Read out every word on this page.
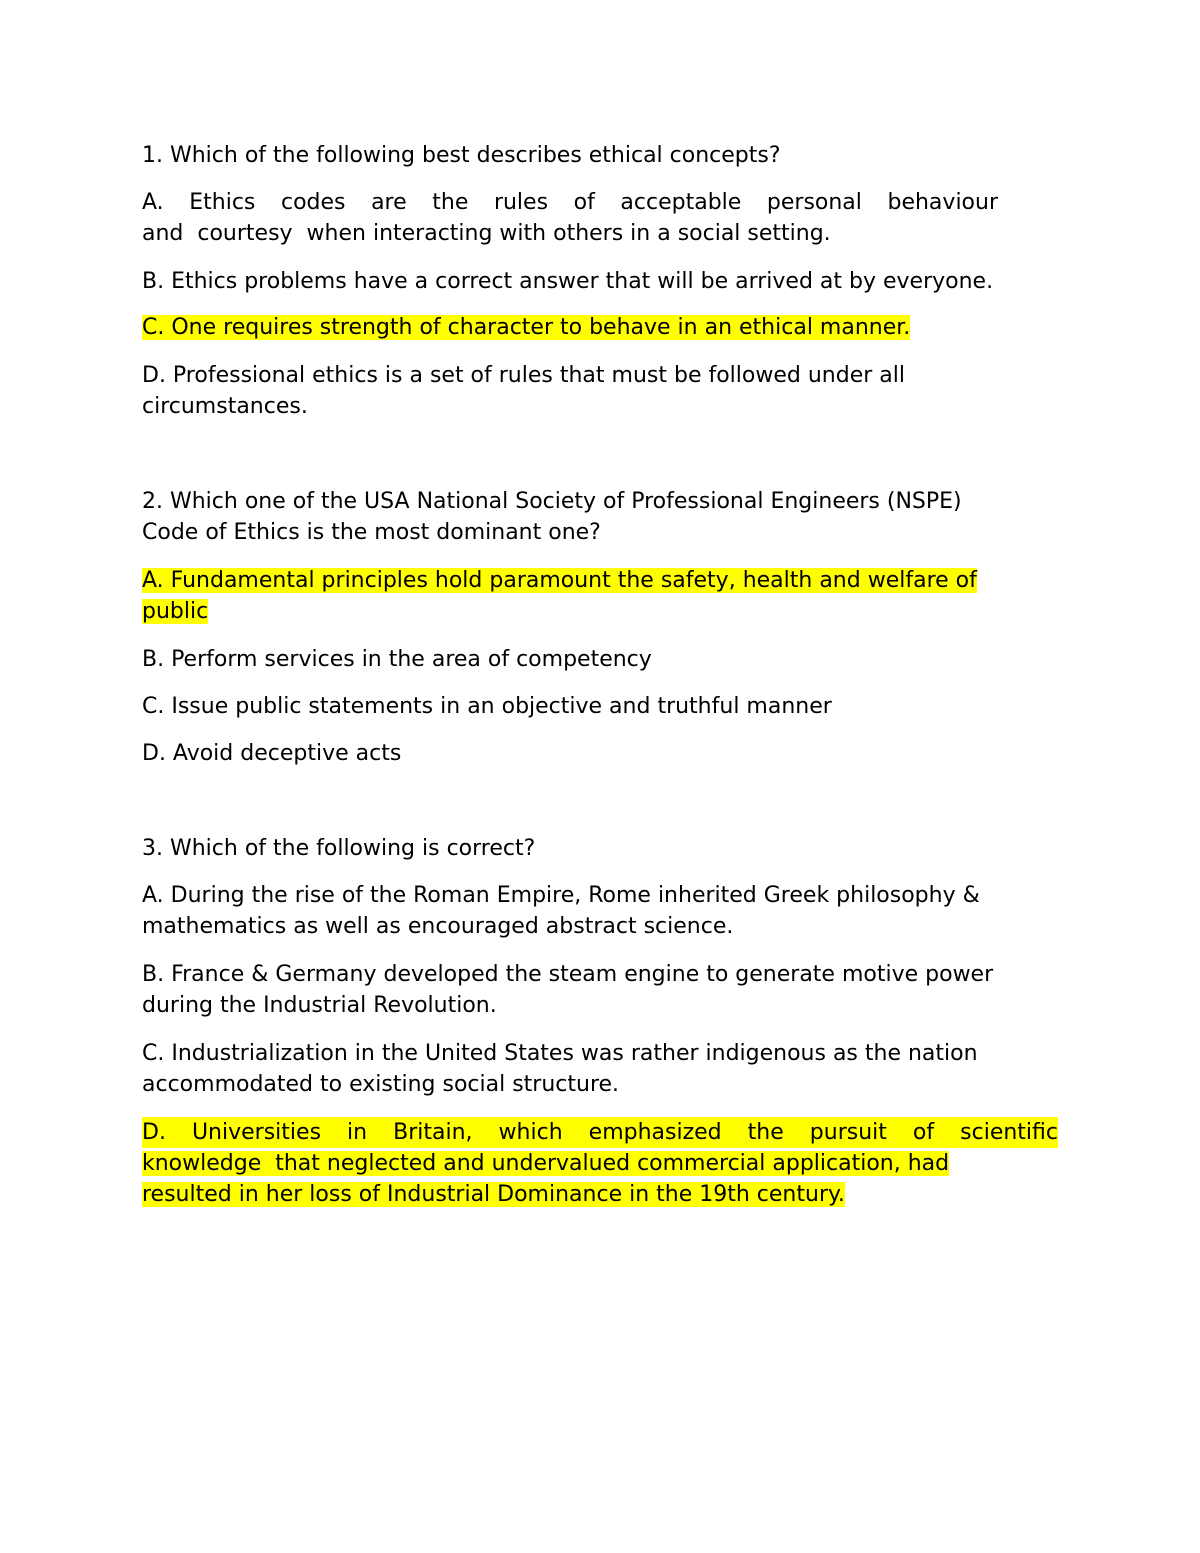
1. Which of the following best describes ethical concepts?

A. Ethics codes are the rules of acceptable personal behaviour

and  courtesy  when interacting with others in a social setting.

B. Ethics problems have a correct answer that will be arrived at by everyone.

C. One requires strength of character to behave in an ethical manner.

D. Professional ethics is a set of rules that must be followed under all

circumstances.

2. Which one of the USA National Society of Professional Engineers (NSPE)

Code of Ethics is the most dominant one?

A. Fundamental principles hold paramount the safety, health and welfare of

public

B. Perform services in the area of competency

C. Issue public statements in an objective and truthful manner

D. Avoid deceptive acts

3. Which of the following is correct?

A. During the rise of the Roman Empire, Rome inherited Greek philosophy &

mathematics as well as encouraged abstract science.

B. France & Germany developed the steam engine to generate motive power

during the Industrial Revolution.

C. Industrialization in the United States was rather indigenous as the nation

accommodated to existing social structure.

D. Universities in Britain, which emphasized the pursuit of scientific

knowledge  that neglected and undervalued commercial application, had

resulted in her loss of Industrial Dominance in the 19th century.
